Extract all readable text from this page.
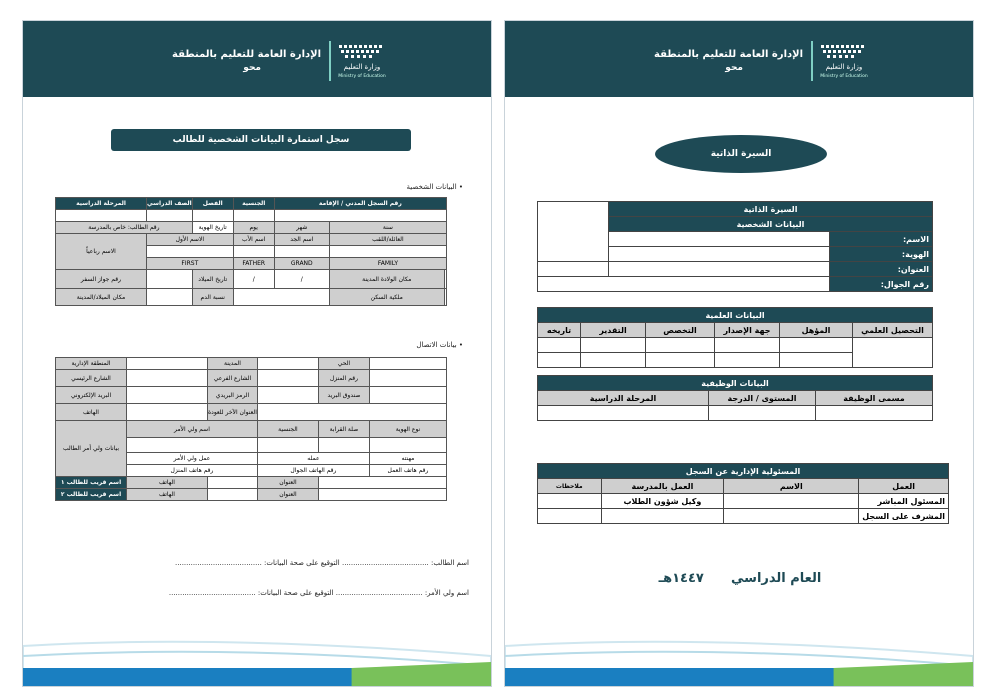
الإدارة العامة للتعليم بالمنطقة
محو	وزارة التعليم
Ministry of Education
سجل استمارة البيانات الشخصية للطالب
• البيانات الشخصية
المرحلة الدراسية	الصف الدراسي	الفصل	الجنسية	رقم السجل المدني / الإقامة		

رقم الطالب: خاص بالمدرسة		تاريخ الهوية	يوم	شهر	سنة	
الاسم رباعياً	الاسم الأول		اسم الأب	اسم الجد	العائلة/اللقب	

	FIRST		FATHER	GRAND	FAMILY	
رقم جواز السفر		تاريخ الميلاد	/	/	مكان الولادة المدينة	
مكان الميلاد/المدينة		نسبة الدم			ملكية السكن	
• بيانات الاتصال
المنطقة الإدارية		المدينة		الحي	
الشارع الرئيسي		الشارع الفرعي		رقم المنزل	
البريد الإلكتروني		الرمز البريدي		صندوق البريد	
الهاتف		العنوان الآخر للعودة			
بيانات ولي أمر الطالب	اسم ولي الأمر		الجنسية	صلة القرابة	نوع الهوية

	عمل ولي الأمر		عمله		مهنته
	رقم هاتف المنزل		رقم الهاتف الجوال		رقم هاتف العمل
اسم قريب للطالب ١	الهاتف		العنوان		
اسم قريب للطالب ٢	الهاتف		العنوان		
اسم الطالب: ....................................... التوقيع على صحة البيانات: .......................................
اسم ولي الأمر: ....................................... التوقيع على صحة البيانات: .......................................
الإدارة العامة للتعليم بالمنطقة
محو	وزارة التعليم
Ministry of Education
السيرة الذاتية
	السيرة الذاتية	
	البيانات الشخصية	
		الاسم:
		الهوية:
		العنوان:
		رقم الجوال:
البيانات العلمية					
تاريخه	التقدير	التخصص	جهة الإصدار	المؤهل	التحصيل العلمي

البيانات الوظيفية		
المرحلة الدراسية	المستوى / الدرجة	مسمى الوظيفة

المسئولية الإدارية عن السجل			
ملاحظات	العمل بالمدرسة	الاسم	العمل
	وكيل شؤون الطلاب		المسئول المباشر
			المشرف على السجل
العام الدراسي      ١٤٤٧هـ
